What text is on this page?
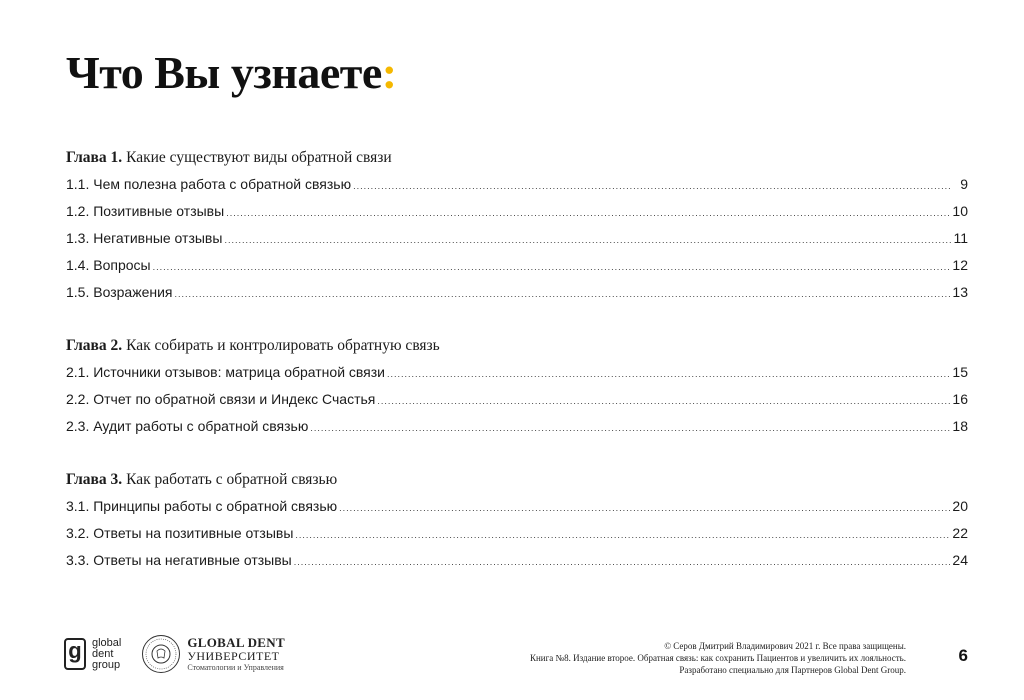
Что Вы узнаете:
Глава 1. Какие существуют виды обратной связи
1.1. Чем полезна работа с обратной связью .....	9
1.2. Позитивные отзывы .....	10
1.3. Негативные отзывы .....	11
1.4. Вопросы .....	12
1.5. Возражения .....	13
Глава 2. Как собирать и контролировать обратную связь
2.1. Источники отзывов: матрица обратной связи .....	15
2.2. Отчет по обратной связи и Индекс Счастья .....	16
2.3. Аудит работы с обратной связью .....	18
Глава 3. Как работать с обратной связью
3.1. Принципы работы с обратной связью .....	20
3.2. Ответы на позитивные отзывы .....	22
3.3. Ответы на негативные отзывы .....	24
g global
dent
group
GLOBAL DENT
УНИВЕРСИТЕТ
Стоматологии и Управления
© Серов Дмитрий Владимирович 2021 г. Все права защищены.
Книга №8. Издание второе. Обратная связь: как сохранить Пациентов и увеличить их лояльность.
Разработано специально для Партнеров Global Dent Group.
6
